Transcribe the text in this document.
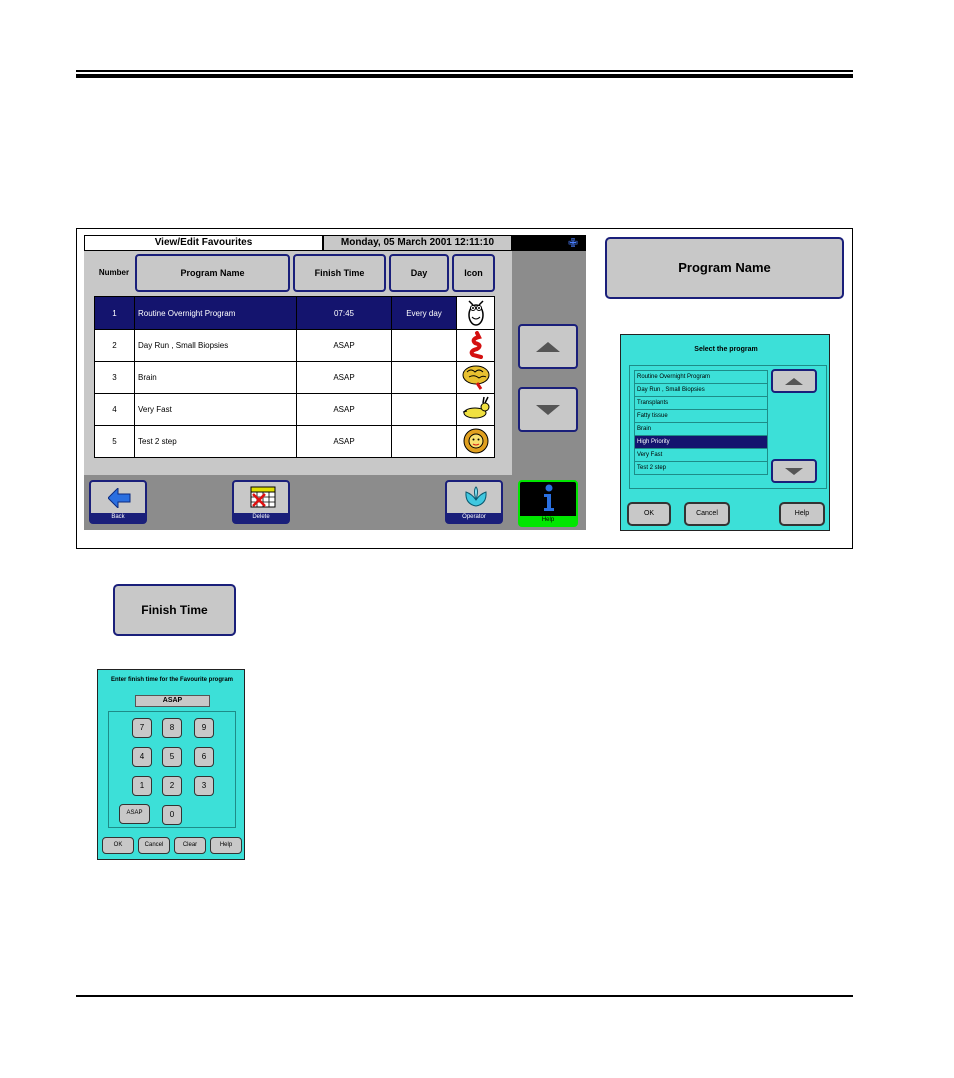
View/Edit Favourites	Monday, 05 March 2001 12:11:10	✙
Number	Program Name	Finish Time	Day	Icon
1	Routine Overnight Program	07:45	Every day	
2	Day Run , Small Biopsies	ASAP		
3	Brain	ASAP		
4	Very Fast	ASAP		
5	Test 2 step	ASAP		
Back	Delete	Operator	Help
Program Name
Select the program
Routine Overnight Program
Day Run , Small Biopsies
Transplants
Fatty tissue
Brain
High Priority
Very Fast
Test 2 step
OK	Cancel	Help
Finish Time
Enter finish time for the Favourite program
ASAP
7	8	9
4	5	6
1	2	3
ASAP	0
OK	Cancel	Clear	Help
